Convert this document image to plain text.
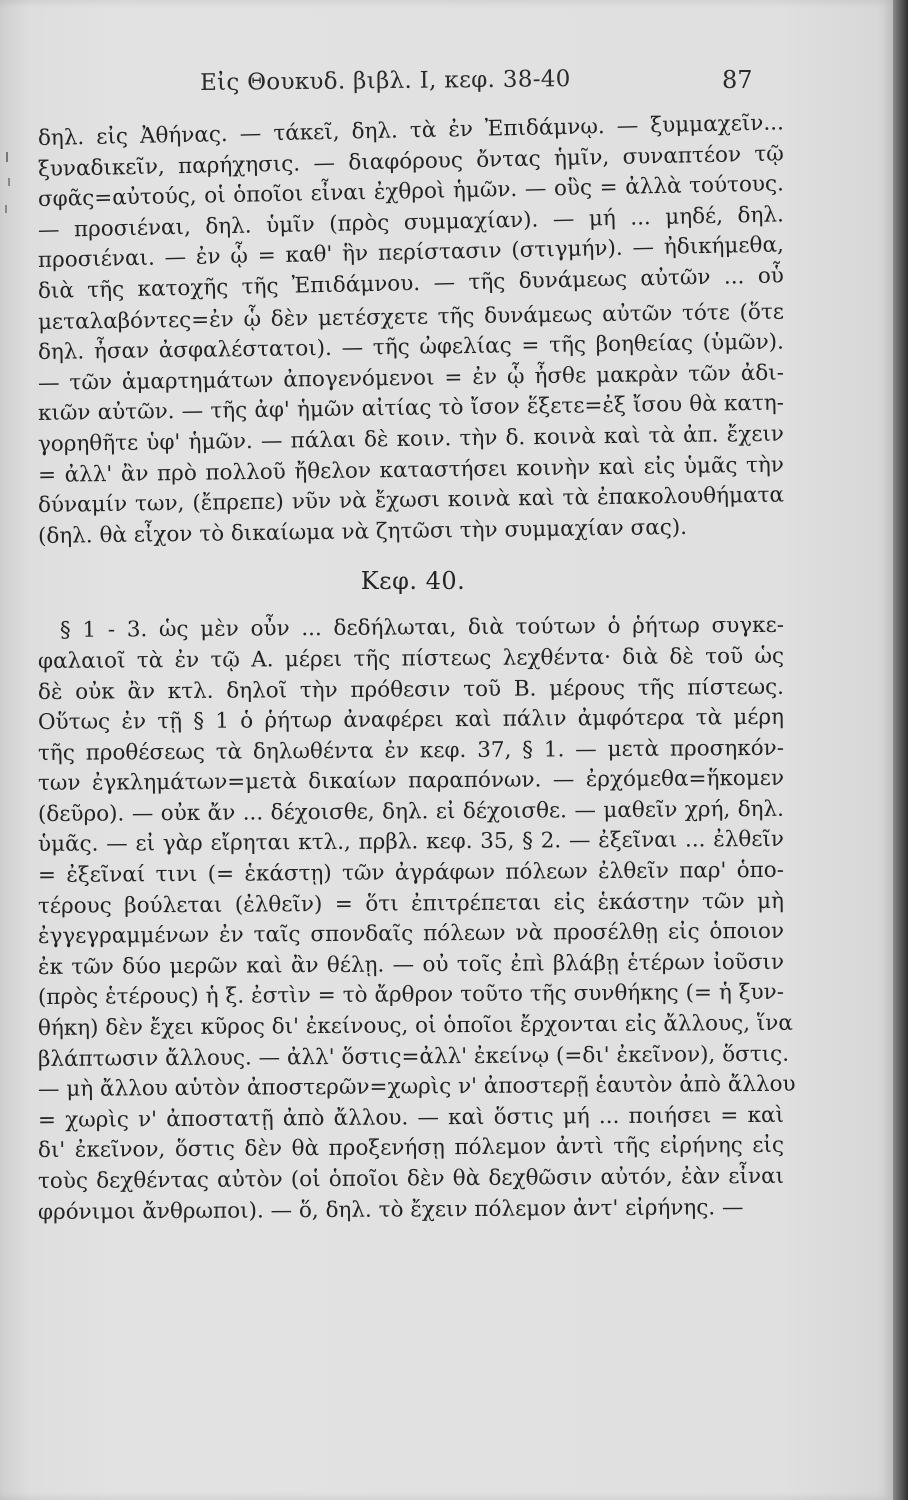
Εἰς Θουκυδ. βιβλ. Ι, κεφ. 38-40	87
δηλ. εἰς Ἀθήνας. — τάκεῖ, δηλ. τὰ ἐν Ἐπιδάμνῳ. — ξυμμαχεῖν...
ξυναδικεῖν, παρήχησις. — διαφόρους ὄντας ἡμῖν, συναπτέον τῷ
σφᾶς=αὐτούς, οἱ ὁποῖοι εἶναι ἐχθροὶ ἡμῶν. — οὓς = ἀλλὰ τούτους.
— προσιέναι, δηλ. ὑμῖν (πρὸς συμμαχίαν). — μή ... μηδέ, δηλ.
προσιέναι. — ἐν ᾧ = καθ' ἣν περίστασιν (στιγμήν). — ἠδικήμεθα,
διὰ τῆς κατοχῆς τῆς Ἐπιδάμνου. — τῆς δυνάμεως αὐτῶν ... οὗ
μεταλαβόντες=ἐν ᾧ δὲν μετέσχετε τῆς δυνάμεως αὐτῶν τότε (ὅτε
δηλ. ἦσαν ἀσφαλέστατοι). — τῆς ὠφελίας = τῆς βοηθείας (ὑμῶν).
— τῶν ἁμαρτημάτων ἀπογενόμενοι = ἐν ᾧ ἦσθε μακρὰν τῶν ἀδι-
κιῶν αὐτῶν. — τῆς ἀφ' ἡμῶν αἰτίας τὸ ἴσον ἕξετε=ἐξ ἴσου θὰ κατη-
γορηθῆτε ὑφ' ἡμῶν. — πάλαι δὲ κοιν. τὴν δ. κοινὰ καὶ τὰ ἀπ. ἔχειν
= ἀλλ' ἂν πρὸ πολλοῦ ἤθελον καταστήσει κοινὴν καὶ εἰς ὑμᾶς τὴν
δύναμίν των, (ἔπρεπε) νῦν νὰ ἔχωσι κοινὰ καὶ τὰ ἐπακολουθήματα
(δηλ. θὰ εἶχον τὸ δικαίωμα νὰ ζητῶσι τὴν συμμαχίαν σας).
Κεφ. 40.
§ 1 - 3. ὡς μὲν οὖν ... δεδήλωται, διὰ τούτων ὁ ῥήτωρ συγκε-
φαλαιοῖ τὰ ἐν τῷ Α. μέρει τῆς πίστεως λεχθέντα· διὰ δὲ τοῦ ὡς
δὲ οὐκ ἂν κτλ. δηλοῖ τὴν πρόθεσιν τοῦ Β. μέρους τῆς πίστεως.
Οὕτως ἐν τῇ § 1 ὁ ῥήτωρ ἀναφέρει καὶ πάλιν ἀμφότερα τὰ μέρη
τῆς προθέσεως τὰ δηλωθέντα ἐν κεφ. 37, § 1. — μετὰ προσηκόν-
των ἐγκλημάτων=μετὰ δικαίων παραπόνων. — ἐρχόμεθα=ἥκομεν
(δεῦρο). — οὐκ ἄν ... δέχοισθε, δηλ. εἰ δέχοισθε. — μαθεῖν χρή, δηλ.
ὑμᾶς. — εἰ γὰρ εἴρηται κτλ., πρβλ. κεφ. 35, § 2. — ἐξεῖναι ... ἐλθεῖν
= ἐξεῖναί τινι (= ἑκάστῃ) τῶν ἀγράφων πόλεων ἐλθεῖν παρ' ὁπο-
τέρους βούλεται (ἐλθεῖν) = ὅτι ἐπιτρέπεται εἰς ἑκάστην τῶν μὴ
ἐγγεγραμμένων ἐν ταῖς σπονδαῖς πόλεων νὰ προσέλθῃ εἰς ὁποιον
ἐκ τῶν δύο μερῶν καὶ ἂν θέλῃ. — οὐ τοῖς ἐπὶ βλάβῃ ἑτέρων ἰοῦσιν
(πρὸς ἑτέρους) ἡ ξ. ἐστὶν = τὸ ἄρθρον τοῦτο τῆς συνθήκης (= ἡ ξυν-
θήκη) δὲν ἔχει κῦρος δι' ἐκείνους, οἱ ὁποῖοι ἔρχονται εἰς ἄλλους, ἵνα
βλάπτωσιν ἄλλους. — ἀλλ' ὅστις=ἀλλ' ἐκείνῳ (=δι' ἐκεῖνον), ὅστις.
— μὴ ἄλλου αὑτὸν ἀποστερῶν=χωρὶς ν' ἀποστερῇ ἑαυτὸν ἀπὸ ἄλλου
= χωρὶς ν' ἀποστατῇ ἀπὸ ἄλλου. — καὶ ὅστις μή ... ποιήσει = καὶ
δι' ἐκεῖνον, ὅστις δὲν θὰ προξενήσῃ πόλεμον ἀντὶ τῆς εἰρήνης εἰς
τοὺς δεχθέντας αὐτὸν (οἱ ὁποῖοι δὲν θὰ δεχθῶσιν αὐτόν, ἐὰν εἶναι
φρόνιμοι ἄνθρωποι). — ὅ, δηλ. τὸ ἔχειν πόλεμον ἀντ' εἰρήνης. —
